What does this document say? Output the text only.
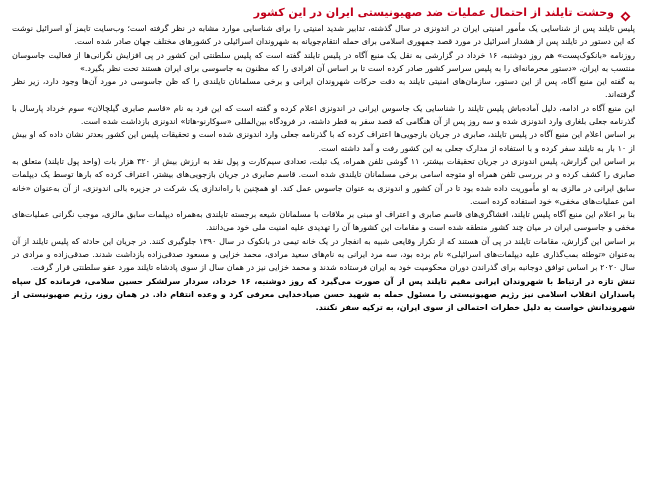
وحشت تایلند از احتمال عملیات ضد صهیونیستی ایران در این کشور

پلیس تایلند پس از شناسایی یک مأمور امنیتی ایران در اندونزی در سال گذشته، تدابیر شدید امنیتی را برای شناسایی موارد مشابه در نظر گرفته است؛ وب‌سایت تایمز آو اسرائیل نوشت که این دستور در تایلند پس از هشدار اسرائیل در مورد قصد جمهوری اسلامی برای حمله انتقام‌جویانه به شهروندان اسرائیلی در کشورهای مختلف جهان صادر شده است.

روزنامه «بانکوک‌پست» هم روز دوشنبه، ۱۶ خرداد در گزارشی به نقل یک منبع آگاه در پلیس تایلند گفته است که پلیس سلطنتی این کشور در پی افزایش نگرانی‌ها از فعالیت جاسوسان منتسب به ایران، «دستور محرمانه‌ای را به پلیس سراسر کشور صادر کرده است تا بر اساس آن افرادی را که مظنون به جاسوسی برای ایران هستند تحت نظر بگیرد.»

به گفته این منبع آگاه، پس از این دستور، سازمان‌های امنیتی تایلند به دقت حرکات شهروندان ایرانی و برخی مسلمانان تایلندی را که ظن جاسوسی در مورد آن‌ها وجود دارد، زیر نظر گرفته‌اند.

این منبع آگاه در ادامه، دلیل آماده‌باش پلیس تایلند را شناسایی یک جاسوس ایرانی در اندونزی اعلام کرده و گفته است که این فرد به نام «قاسم صابری گیلچالان» سوم خرداد پارسال با گذرنامه جعلی بلغاری وارد اندونزی شده و سه روز پس از آن هنگامی که قصد سفر به قطر داشته، در فرودگاه بین‌المللی «سوکارنو-هاتا» اندونزی بازداشت شده است.

بر اساس اعلام این منبع آگاه در پلیس تایلند، صابری در جریان بازجویی‌ها اعتراف کرده که با گذرنامه جعلی وارد اندونزی شده است و تحقیقات پلیس این کشور بعد‌تر نشان داده که او بیش از ۱۰ بار به تایلند سفر کرده و با استفاده از مدارک جعلی به این کشور رفت و آمد داشته است.

بر اساس این گزارش، پلیس اندونزی در جریان تحقیقات بیشتر، ۱۱ گوشی تلفن همراه، یک تبلت، تعدادی سیم‌کارت و پول نقد به ارزش بیش از ۳۲۰ هزار بات (واحد پول تایلند) متعلق به صابری را کشف کرده و در بررسی تلفن همراه او متوجه اسامی برخی مسلمانان تایلندی شده است. قاسم صابری در جریان بازجویی‌های بیشتر، اعتراف کرده که بارها توسط یک دیپلمات سابق ایرانی در مالزی به او مأموریت داده شده بود تا در آن کشور و اندونزی به عنوان جاسوس عمل کند. او همچنین با راه‌اندازی یک شرکت در جزیره بالی اندونزی، از آن به‌عنوان «خانه امن عملیات‌های مخفی» خود استفاده کرده است.

بنا بر اعلام این منبع آگاه پلیس تایلند، افشاگری‌های قاسم صابری و اعتراف او مبنی بر ملاقات با مسلمانان شیعه برجسته تایلندی به‌همراه دیپلمات سابق مالزی، موجب نگرانی عملیات‌های مخفی و جاسوسی ایران در میان چند کشور منطقه شده است و مقامات این کشورها آن را تهدیدی علیه امنیت ملی خود می‌دانند.

بر اساس این گزارش، مقامات تایلند در پی آن هستند که از تکرار وقایعی شبیه به انفجار در یک خانه تیمی در بانکوک در سال ۱۳۹۰ جلوگیری کنند. در جریان این حادثه که پلیس تایلند از آن به‌عنوان «توطئه بمب‌گذاری علیه دیپلمات‌های اسرائیلی» نام برده بود، سه مرد ایرانی به نام‌های سعید مرادی، محمد خزایی و مسعود صدقی‌زاده بازداشت شدند. صدقی‌زاده و مرادی در سال ۲۰۲۰ بر اساس توافق دوجانبه برای گذراندن دوران محکومیت خود به ایران فرستاده شدند و محمد خزایی نیز در همان سال از سوی پادشاه تایلند مورد عفو سلطنتی قرار گرفت.

تنش تازه در ارتباط با شهروندان ایرانی مقیم تایلند پس از آن صورت می‌گیرد که روز دوشنبه، ۱۶ خرداد، سردار سرلشکر حسین سلامی، فرمانده کل سپاه پاسداران انقلاب اسلامی نیز رژیم صهیونیستی را مسئول حمله به شهید حسن صیاد‌خدایی معرفی کرد و وعده انتقام داد. در همان روز، رژیم صهیونیستی از شهروندانش خواست به دلیل خطرات احتمالی از سوی ایران، به ترکیه سفر نکنند.
